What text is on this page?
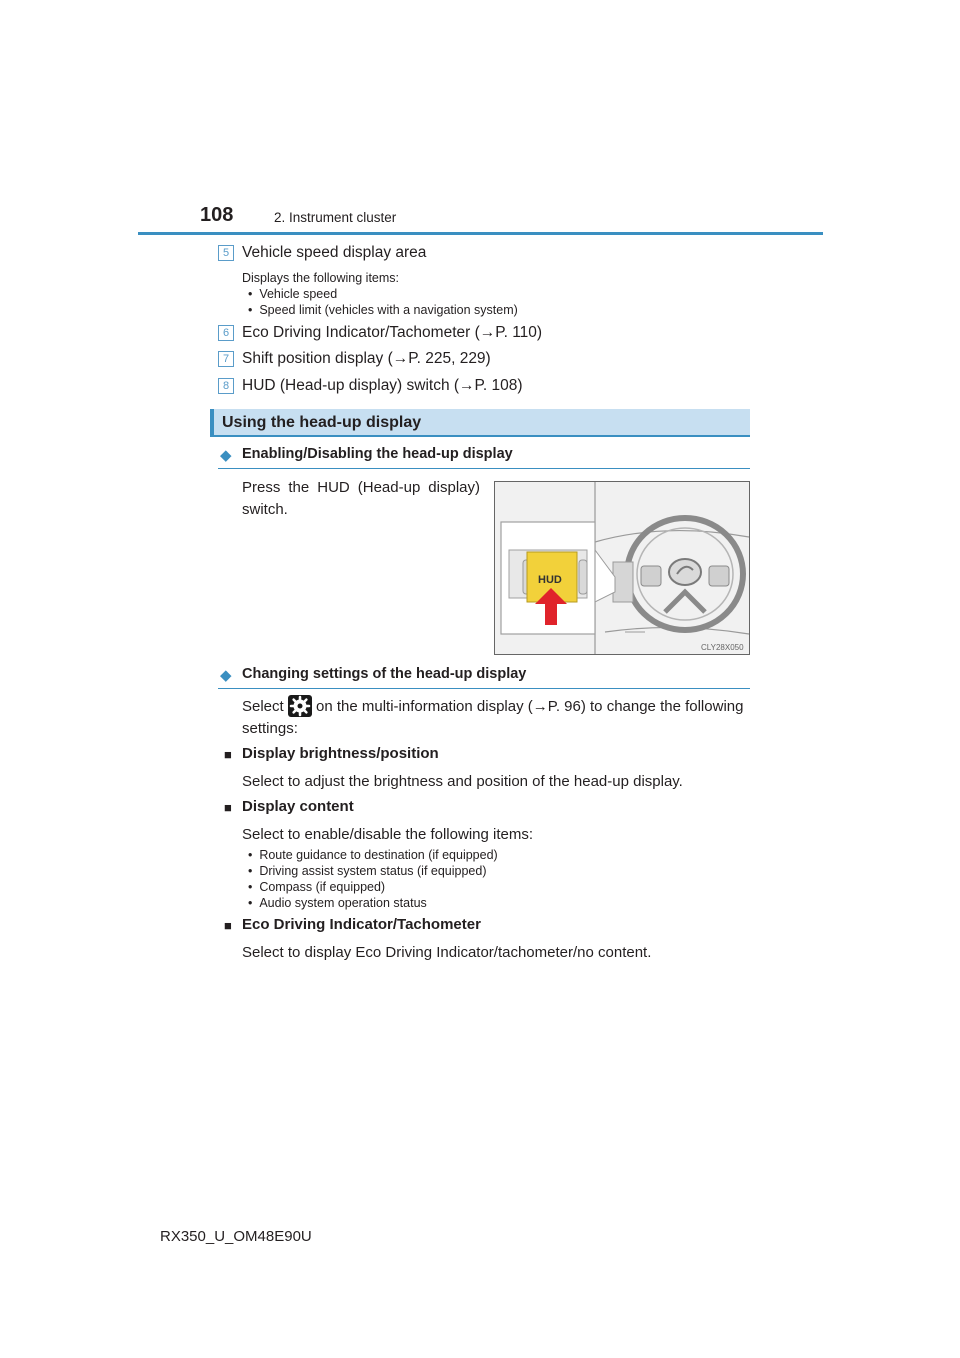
108	2. Instrument cluster
5 Vehicle speed display area
Displays the following items:
•  Vehicle speed
•  Speed limit (vehicles with a navigation system)
6 Eco Driving Indicator/Tachometer (→P. 110)
7 Shift position display (→P. 225, 229)
8 HUD (Head-up display) switch (→P. 108)
Using the head-up display
◆ Enabling/Disabling the head-up display
Press the HUD (Head-up display) switch.
HUD
CLY28X050
◆ Changing settings of the head-up display
Select on the multi-information display (→P. 96) to change the following
settings:
■ Display brightness/position
Select to adjust the brightness and position of the head-up display.
■ Display content
Select to enable/disable the following items:
•  Route guidance to destination (if equipped)
•  Driving assist system status (if equipped)
•  Compass (if equipped)
•  Audio system operation status
■ Eco Driving Indicator/Tachometer
Select to display Eco Driving Indicator/tachometer/no content.
RX350_U_OM48E90U
